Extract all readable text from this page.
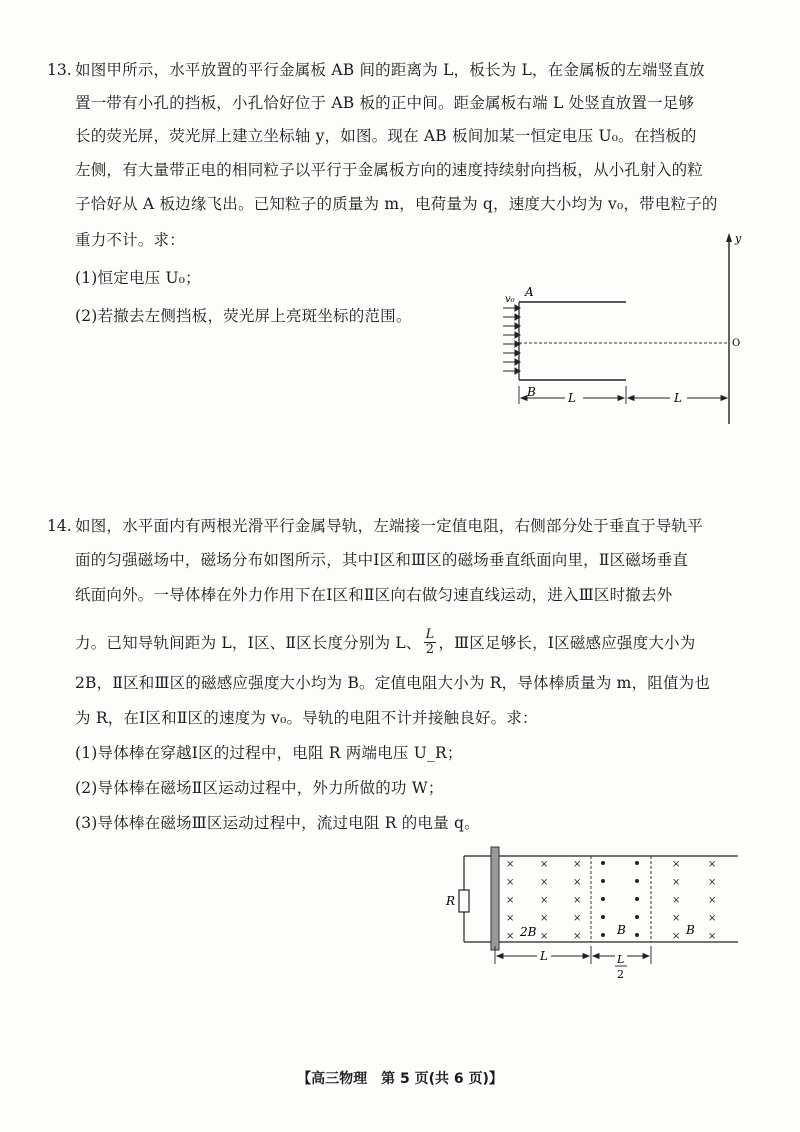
13. 如图甲所示，水平放置的平行金属板 AB 间的距离为 L，板长为 L，在金属板的左端竖直放
置一带有小孔的挡板，小孔恰好位于 AB 板的正中间。距金属板右端 L 处竖直放置一足够
长的荧光屏，荧光屏上建立坐标轴 y，如图。现在 AB 板间加某一恒定电压 U₀。在挡板的
左侧，有大量带正电的相同粒子以平行于金属板方向的速度持续射向挡板，从小孔射入的粒
子恰好从 A 板边缘飞出。已知粒子的质量为 m，电荷量为 q，速度大小均为 v₀，带电粒子的
重力不计。求：
(1)恒定电压 U₀；
(2)若撤去左侧挡板，荧光屏上亮斑坐标的范围。
v₀
A
B
y
O
L	L
14. 如图，水平面内有两根光滑平行金属导轨，左端接一定值电阻，右侧部分处于垂直于导轨平
面的匀强磁场中，磁场分布如图所示，其中Ⅰ区和Ⅲ区的磁场垂直纸面向里，Ⅱ区磁场垂直
纸面向外。一导体棒在外力作用下在Ⅰ区和Ⅱ区向右做匀速直线运动，进入Ⅲ区时撤去外
力。已知导轨间距为 L，Ⅰ区、Ⅱ区长度分别为 L、 $\frac{L}{2}$ ，Ⅲ区足够长，Ⅰ区磁感应强度大小为
2B，Ⅱ区和Ⅲ区的磁感应强度大小均为 B。定值电阻大小为 R，导体棒质量为 m，阻值为也
为 R，在Ⅰ区和Ⅱ区的速度为 v₀。导轨的电阻不计并接触良好。求：
(1)导体棒在穿越Ⅰ区的过程中，电阻 R 两端电压 U_R；
(2)导体棒在磁场Ⅱ区运动过程中，外力所做的功 W；
(3)导体棒在磁场Ⅲ区运动过程中，流过电阻 R 的电量 q。
R
×	× ×
×	× ×
×	× ×
×	× ×
×	×
2B ×	B
×	×
×	×
×	×
×	×
×	×
B
L	L
2
【高三物理　第 5 页(共 6 页)】
